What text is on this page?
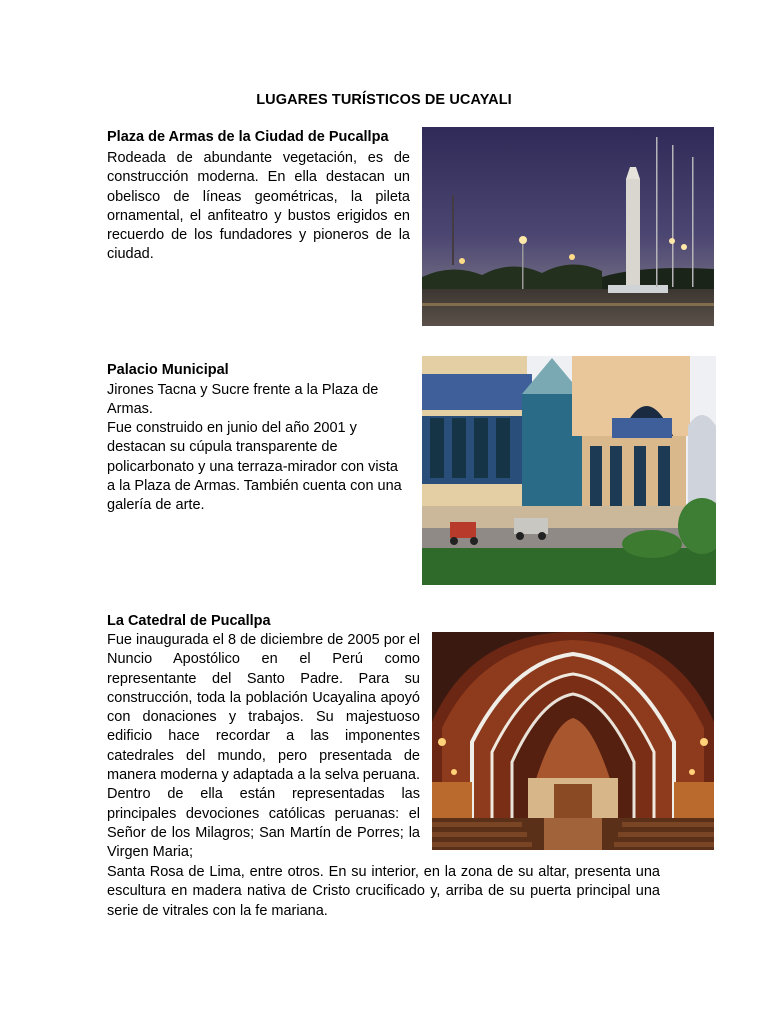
LUGARES TURÍSTICOS DE UCAYALI
Plaza de Armas de la Ciudad de Pucallpa
Rodeada de abundante vegetación, es de construcción moderna. En ella destacan un obelisco de líneas geométricas, la pileta ornamental, el anfiteatro y bustos erigidos en recuerdo de los fundadores y pioneros de la ciudad.
Palacio Municipal
Jirones Tacna y Sucre frente a la Plaza de Armas.
Fue construido en junio del año 2001 y destacan su cúpula transparente de policarbonato y una terraza-mirador con vista a la Plaza de Armas. También cuenta con una galería de arte.
La Catedral de Pucallpa
Fue inaugurada el 8 de diciembre de 2005 por el Nuncio Apostólico en el Perú como representante del Santo Padre. Para su construcción, toda la población Ucayalina apoyó con donaciones y trabajos. Su majestuoso edificio hace recordar a las imponentes catedrales del mundo, pero presentada de manera moderna y adaptada a la selva peruana. Dentro de ella están representadas las principales devociones católicas peruanas: el Señor de los Milagros; San Martín de Porres; la Virgen Maria;
Santa Rosa de Lima, entre otros. En su interior, en la zona de su altar, presenta una escultura en madera nativa de Cristo crucificado y, arriba de su puerta principal una serie de vitrales con la fe mariana.
